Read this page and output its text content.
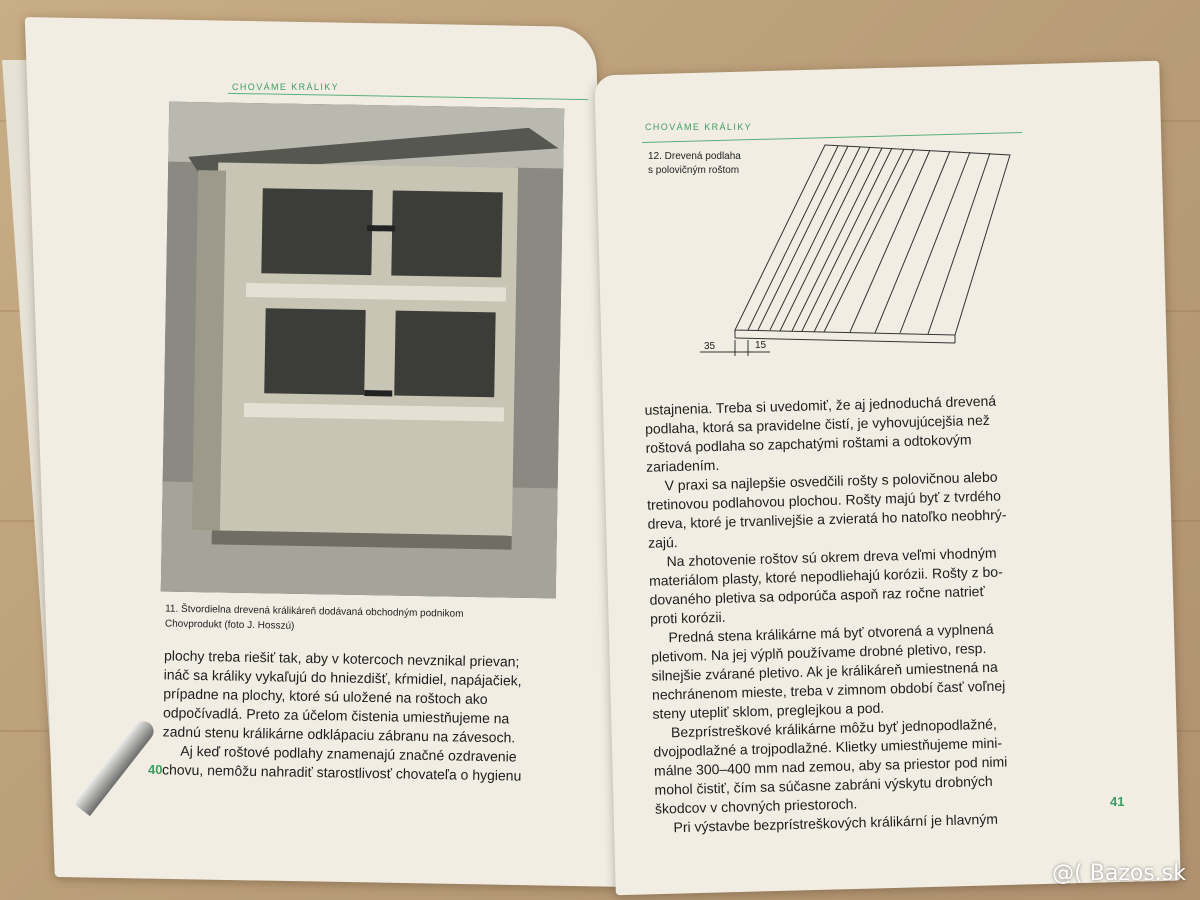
CHOVÁME KRÁLIKY
11. Štvordielna drevená králikáreň dodávaná obchodným podnikom
Chovprodukt (foto J. Hosszú)
plochy treba riešiť tak, aby v kotercoch nevznikal prievan;
ináč sa králiky vykaľujú do hniezdišť, kŕmidiel, napájačiek,
prípadne na plochy, ktoré sú uložené na roštoch ako
odpočívadlá. Preto za účelom čistenia umiestňujeme na
zadnú stenu králikárne odklápaciu zábranu na závesoch.
Aj keď roštové podlahy znamenajú značné ozdravenie
chovu, nemôžu nahradiť starostlivosť chovateľa o hygienu
40
CHOVÁME KRÁLIKY
12. Drevená podlaha
s polovičným roštom
35	15

ustajnenia. Treba si uvedomiť, že aj jednoduchá drevená
podlaha, ktorá sa pravidelne čistí, je vyhovujúcejšia než
roštová podlaha so zapchatými roštami a odtokovým
zariadením.

V praxi sa najlepšie osvedčili rošty s polovičnou alebo
tretinovou podlahovou plochou. Rošty majú byť z tvrdého
dreva, ktoré je trvanlivejšie a zvieratá ho natoľko neobhrý-
zajú.

Na zhotovenie roštov sú okrem dreva veľmi vhodným
materiálom plasty, ktoré nepodliehajú korózii. Rošty z bo-
dovaného pletiva sa odporúča aspoň raz ročne natrieť
proti korózii.

Predná stena králikárne má byť otvorená a vyplnená
pletivom. Na jej výplň používame drobné pletivo, resp.
silnejšie zvárané pletivo. Ak je králikáreň umiestnená na
nechránenom mieste, treba v zimnom období časť voľnej
steny utepliť sklom, preglejkou a pod.

Bezprístreškové králikárne môžu byť jednopodlažné,
dvojpodlažné a trojpodlažné. Klietky umiestňujeme mini-
málne 300–400 mm nad zemou, aby sa priestor pod nimi
mohol čistiť, čím sa súčasne zabráni výskytu drobných
škodcov v chovných priestoroch.

Pri výstavbe bezprístreškových králikární je hlavným

41
@( Bazos.sk
